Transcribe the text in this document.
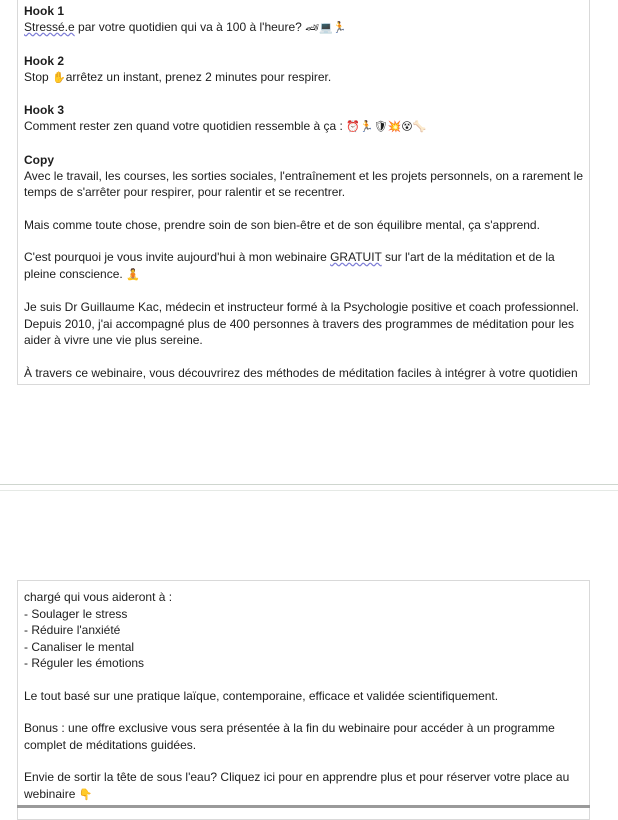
Hook 1

Stressé.e par votre quotidien qui va à 100 à l'heure? 🏎💻🏃

Hook 2

Stop ✋arrêtez un instant, prenez 2 minutes pour respirer.

Hook 3

Comment rester zen quand votre quotidien ressemble à ça : ⏰🏃🛡💥😵🦴

Copy

Avec le travail, les courses, les sorties sociales, l'entraînement et les projets personnels, on a rarement le temps de s'arrêter pour respirer, pour ralentir et se recentrer.

Mais comme toute chose, prendre soin de son bien-être et de son équilibre mental, ça s'apprend.

C'est pourquoi je vous invite aujourd'hui à mon webinaire GRATUIT sur l'art de la méditation et de la pleine conscience. 🧘

Je suis Dr Guillaume Kac, médecin et instructeur formé à la Psychologie positive et coach professionnel. Depuis 2010, j'ai accompagné plus de 400 personnes à travers des programmes de méditation pour les aider à vivre une vie plus sereine.

À travers ce webinaire, vous découvrirez des méthodes de méditation faciles à intégrer à votre quotidien

chargé qui vous aideront à :

- Soulager le stress

- Réduire l'anxiété

- Canaliser le mental

- Réguler les émotions

Le tout basé sur une pratique laïque, contemporaine, efficace et validée scientifiquement.

Bonus : une offre exclusive vous sera présentée à la fin du webinaire pour accéder à un programme complet de méditations guidées.

Envie de sortir la tête de sous l'eau? Cliquez ici pour en apprendre plus et pour réserver votre place au webinaire 👇
